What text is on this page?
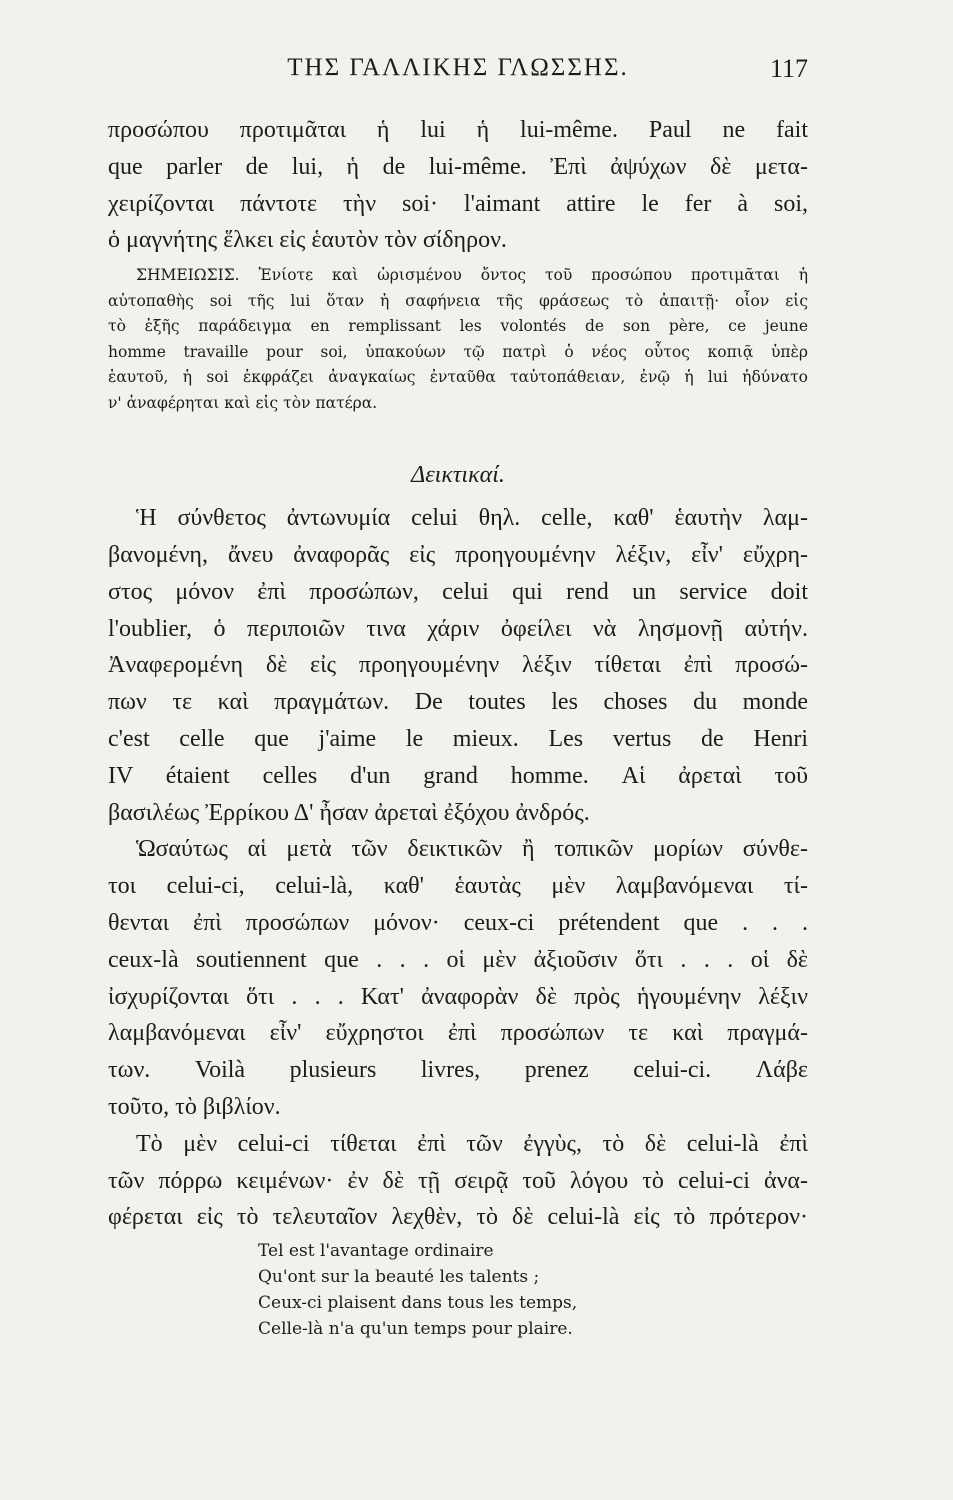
ΤΗΣ ΓΑΛΛΙΚΗΣ ΓΛΩΣΣΗΣ.	117
προσώπου προτιμᾶται ἡ lui ἡ lui-même. Paul ne fait
que parler de lui, ἡ de lui-même. Ἐπὶ ἀψύχων δὲ μετα-
χειρίζονται πάντοτε τὴν soi· l'aimant attire le fer à soi,
ὁ μαγνήτης ἕλκει εἰς ἑαυτὸν τὸν σίδηρον.
ΣΗΜΕΙΩΣΙΣ. Ἐνίοτε καὶ ὡρισμένου ὄντος τοῦ προσώπου προτιμᾶται ἡ
αὐτοπαθὴς soi τῆς lui ὅταν ἡ σαφήνεια τῆς φράσεως τὸ ἀπαιτῇ· οἷον εἰς
τὸ ἑξῆς παράδειγμα en remplissant les volontés de son père, ce jeune
homme travaille pour soi, ὑπακούων τῷ πατρὶ ὁ νέος οὗτος κοπιᾷ ὑπὲρ
ἑαυτοῦ, ἡ soi ἐκφράζει ἀναγκαίως ἐνταῦθα ταὐτοπάθειαν, ἐνῷ ἡ lui ἠδύνατο
ν' ἀναφέρηται καὶ εἰς τὸν πατέρα.
Δεικτικαί.
Ἡ σύνθετος ἀντωνυμία celui θηλ. celle, καθ' ἑαυτὴν λαμ-
βανομένη, ἄνευ ἀναφορᾶς εἰς προηγουμένην λέξιν, εἶν' εὔχρη-
στος μόνον ἐπὶ προσώπων, celui qui rend un service doit
l'oublier, ὁ περιποιῶν τινα χάριν ὀφείλει νὰ λησμονῇ αὐτήν.
Ἀναφερομένη δὲ εἰς προηγουμένην λέξιν τίθεται ἐπὶ προσώ-
πων τε καὶ πραγμάτων. De toutes les choses du monde
c'est celle que j'aime le mieux. Les vertus de Henri
IV étaient celles d'un grand homme. Αἱ ἀρεταὶ τοῦ
βασιλέως Ἐρρίκου Δ' ἦσαν ἀρεταὶ ἐξόχου ἀνδρός.
Ὡσαύτως αἱ μετὰ τῶν δεικτικῶν ἢ τοπικῶν μορίων σύνθε-
τοι celui-ci, celui-là, καθ' ἑαυτὰς μὲν λαμβανόμεναι τί-
θενται ἐπὶ προσώπων μόνον· ceux-ci prétendent que . . .
ceux-là soutiennent que . . . οἱ μὲν ἀξιοῦσιν ὅτι . . . οἱ δὲ
ἰσχυρίζονται ὅτι . . . Κατ' ἀναφορὰν δὲ πρὸς ἡγουμένην λέξιν
λαμβανόμεναι εἶν' εὔχρηστοι ἐπὶ προσώπων τε καὶ πραγμά-
των. Voilà plusieurs livres, prenez celui-ci. Λάβε
τοῦτο, τὸ βιβλίον.
Τὸ μὲν celui-ci τίθεται ἐπὶ τῶν ἐγγὺς, τὸ δὲ celui-là ἐπὶ
τῶν πόρρω κειμένων· ἐν δὲ τῇ σειρᾷ τοῦ λόγου τὸ celui-ci ἀνα-
φέρεται εἰς τὸ τελευταῖον λεχθὲν, τὸ δὲ celui-là εἰς τὸ πρότερον·
Tel est l'avantage ordinaire
Qu'ont sur la beauté les talents ;
Ceux-ci plaisent dans tous les temps,
Celle-là n'a qu'un temps pour plaire.
